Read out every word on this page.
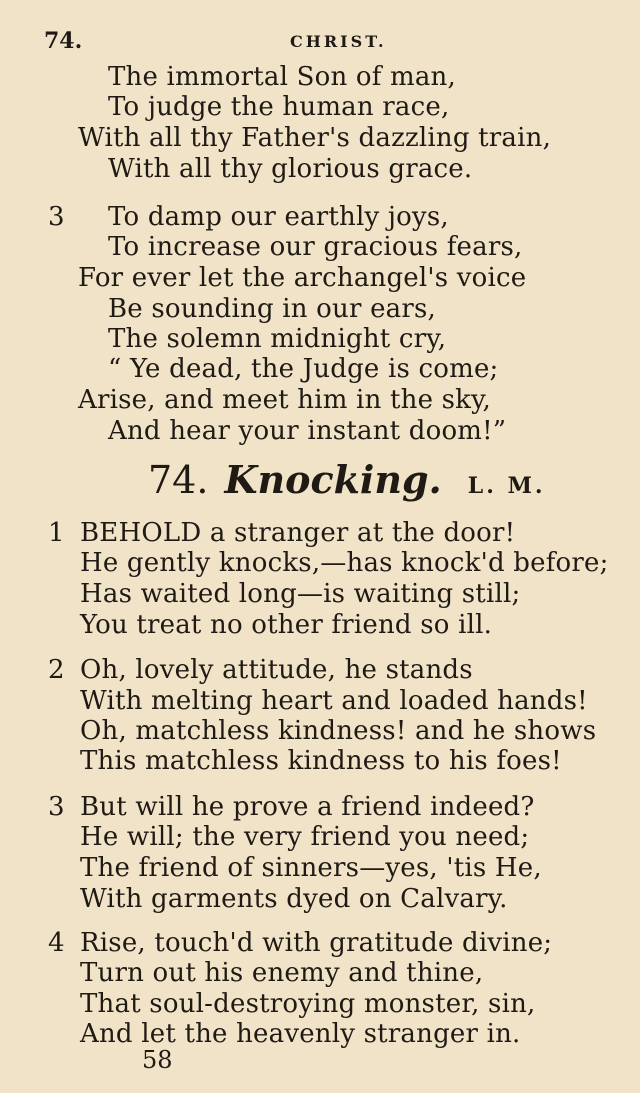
74.	CHRIST.
The immortal Son of man,
To judge the human race,
With all thy Father's dazzling train,
With all thy glorious grace.
3 To damp our earthly joys,
To increase our gracious fears,
For ever let the archangel's voice
Be sounding in our ears,
The solemn midnight cry,
“ Ye dead, the Judge is come;
Arise, and meet him in the sky,
And hear your instant doom!”
74. Knocking. L. M.
1 BEHOLD a stranger at the door!
He gently knocks,—has knock'd before;
Has waited long—is waiting still;
You treat no other friend so ill.
2 Oh, lovely attitude, he stands
With melting heart and loaded hands!
Oh, matchless kindness! and he shows
This matchless kindness to his foes!
3 But will he prove a friend indeed?
He will; the very friend you need;
The friend of sinners—yes, 'tis He,
With garments dyed on Calvary.
4 Rise, touch'd with gratitude divine;
Turn out his enemy and thine,
That soul-destroying monster, sin,
And let the heavenly stranger in.
58
